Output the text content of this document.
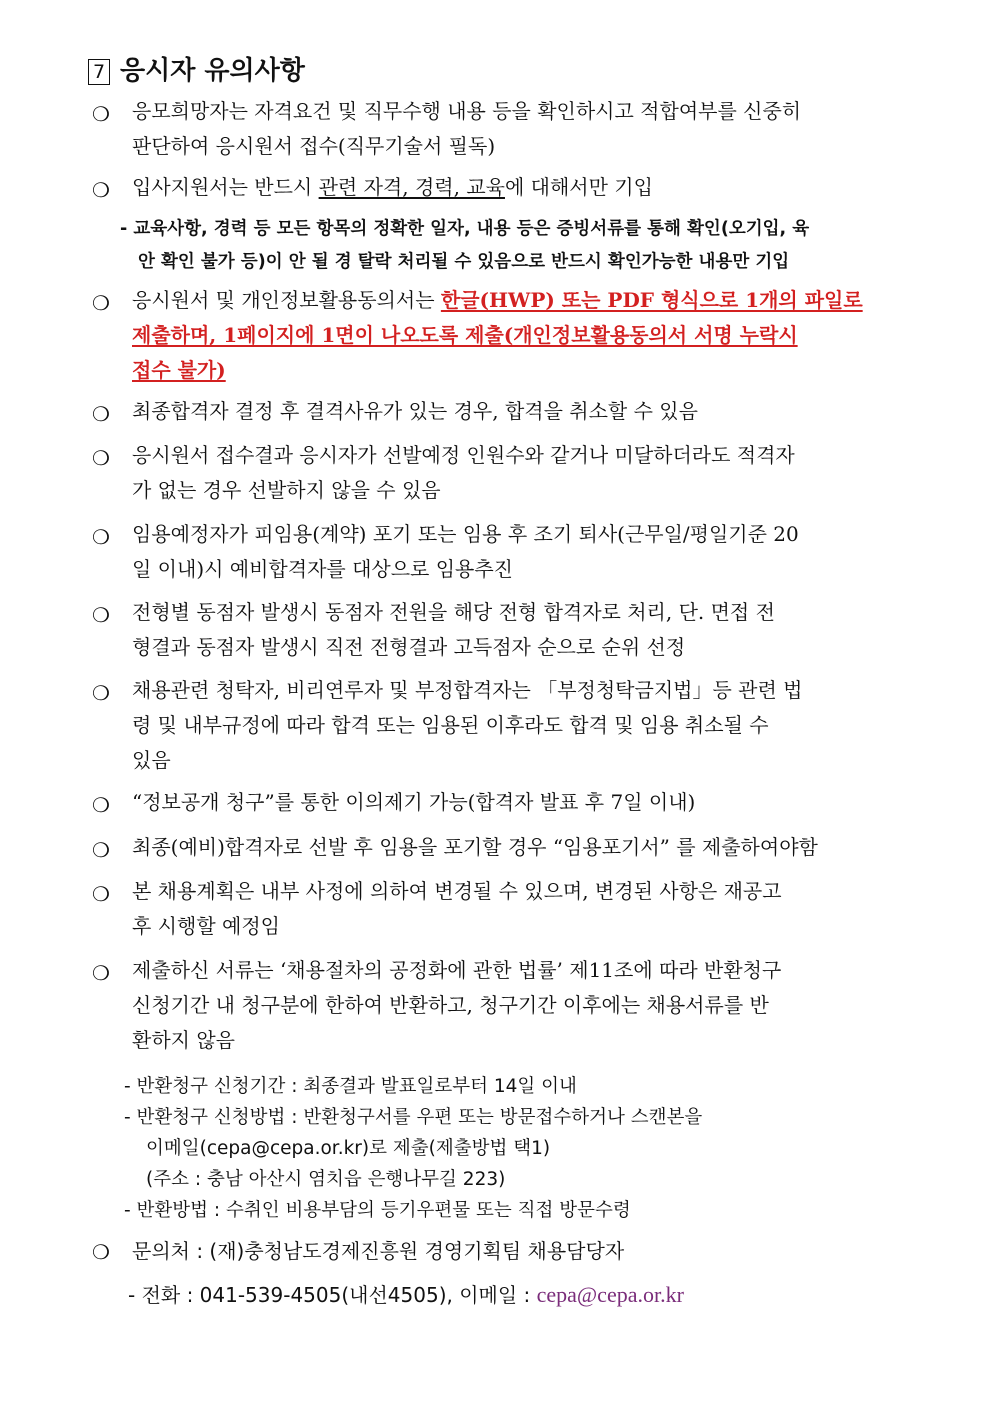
7 응시자 유의사항
❍	응모희망자는 자격요건 및 직무수행 내용 등을 확인하시고 적합여부를 신중히
판단하여 응시원서 접수(직무기술서 필독)
❍	입사지원서는 반드시 관련 자격, 경력, 교육에 대해서만 기입
- 교육사항, 경력 등 모든 항목의 정확한 일자, 내용 등은 증빙서류를 통해 확인(오기입, 육
안 확인 불가 등)이 안 될 경 탈락 처리될 수 있음으로 반드시 확인가능한 내용만 기입
❍	응시원서 및 개인정보활용동의서는 한글(HWP) 또는 PDF 형식으로 1개의 파일로
제출하며, 1페이지에 1면이 나오도록 제출(개인정보활용동의서 서명 누락시
접수 불가)
❍	최종합격자 결정 후 결격사유가 있는 경우, 합격을 취소할 수 있음
❍	응시원서 접수결과 응시자가 선발예정 인원수와 같거나 미달하더라도 적격자
가 없는 경우 선발하지 않을 수 있음
❍	임용예정자가 피임용(계약) 포기 또는 임용 후 조기 퇴사(근무일/평일기준 20
일 이내)시 예비합격자를 대상으로 임용추진
❍	전형별 동점자 발생시 동점자 전원을 해당 전형 합격자로 처리, 단. 면접 전
형결과 동점자 발생시 직전 전형결과 고득점자 순으로 순위 선정
❍	채용관련 청탁자, 비리연루자 및 부정합격자는 「부정청탁금지법」등 관련 법
령 및 내부규정에 따라 합격 또는 임용된 이후라도 합격 및 임용 취소될 수
있음
❍	“정보공개 청구”를 통한 이의제기 가능(합격자 발표 후 7일 이내)
❍	최종(예비)합격자로 선발 후 임용을 포기할 경우 “임용포기서” 를 제출하여야함
❍	본 채용계획은 내부 사정에 의하여 변경될 수 있으며, 변경된 사항은 재공고
후 시행할 예정임
❍	제출하신 서류는 ‘채용절차의 공정화에 관한 법률’ 제11조에 따라 반환청구
신청기간 내 청구분에 한하여 반환하고, 청구기간 이후에는 채용서류를 반
환하지 않음
- 반환청구 신청기간 : 최종결과 발표일로부터 14일 이내
- 반환청구 신청방법 : 반환청구서를 우편 또는 방문접수하거나 스캔본을
이메일(cepa@cepa.or.kr)로 제출(제출방법 택1)
(주소 : 충남 아산시 염치읍 은행나무길 223)
- 반환방법 : 수취인 비용부담의 등기우편물 또는 직접 방문수령
❍	문의처 : (재)충청남도경제진흥원 경영기획팀 채용담당자
- 전화 : 041-539-4505(내선4505), 이메일 : cepa@cepa.or.kr
